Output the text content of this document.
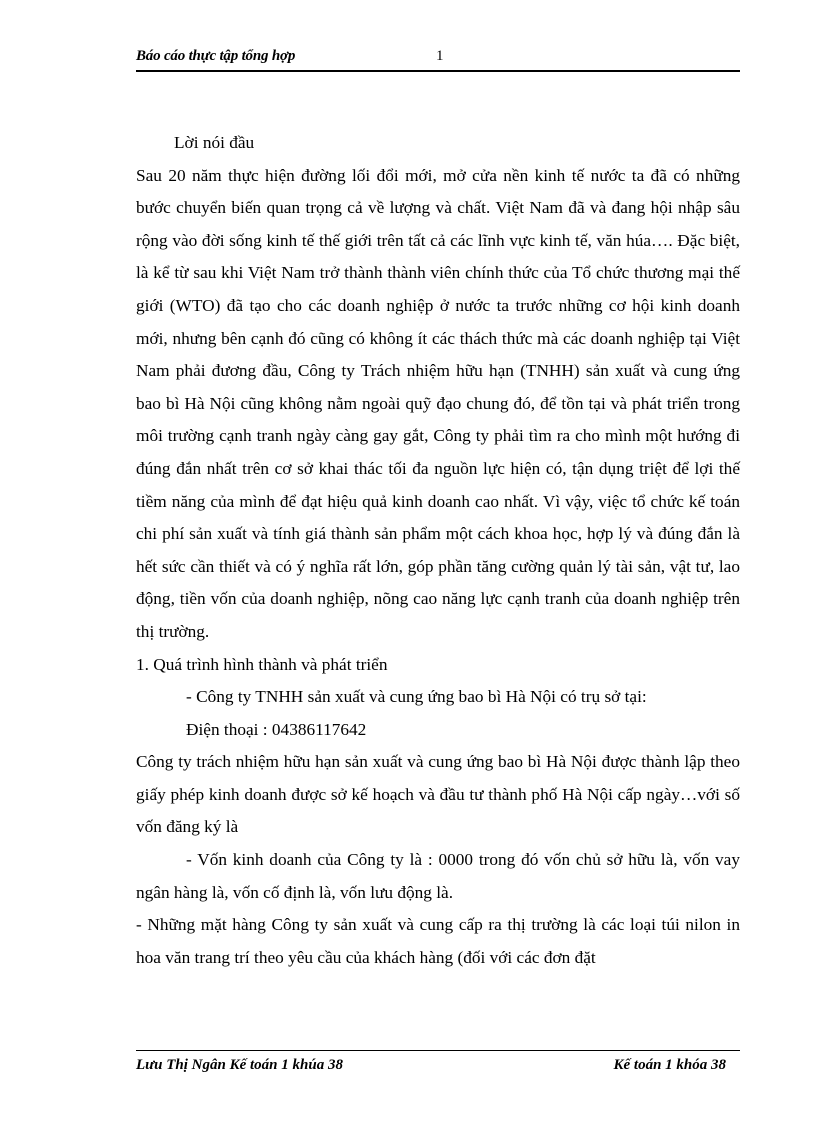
Báo cáo thực tập tổng hợp	1

Lời nói đầu

Sau 20 năm thực hiện đường lối đổi mới, mở cửa nền kinh tế nước ta đã có những bước chuyển biến quan trọng cả về lượng và chất. Việt Nam đã và đang hội nhập sâu rộng vào đời sống kinh tế thế giới trên tất cả các lĩnh vực kinh tế, văn húa…. Đặc biệt, là kể từ sau khi Việt Nam trở thành thành viên chính thức của Tổ chức thương mại thế giới (WTO) đã tạo cho các doanh nghiệp ở nước ta trước những cơ hội kinh doanh mới, nhưng bên cạnh đó cũng có không ít các thách thức mà các doanh nghiệp tại Việt Nam phải đương đầu, Công ty Trách nhiệm hữu hạn (TNHH) sản xuất và cung ứng bao bì Hà Nội cũng không nằm ngoài quỹ đạo chung đó, để tồn tại và phát triển trong môi trường cạnh tranh ngày càng gay gắt, Công ty phải tìm ra cho mình một hướng đi đúng đắn nhất trên cơ sở khai thác tối đa nguồn lực hiện có, tận dụng triệt để lợi thế tiềm năng của mình để đạt hiệu quả kinh doanh cao nhất. Vì vậy, việc tổ chức kế toán chi phí sản xuất và tính giá thành sản phẩm một cách khoa học, hợp lý và đúng đắn là hết sức cần thiết và có ý nghĩa rất lớn, góp phần tăng cường quản lý tài sản, vật tư, lao động, tiền vốn của doanh nghiệp, nõng cao năng lực cạnh tranh của doanh nghiệp trên thị trường.

1. Quá trình hình thành và phát triển

- Công ty TNHH sản xuất và cung ứng bao bì Hà Nội có trụ sở tại:

Điện thoại : 04386117642

Công ty trách nhiệm hữu hạn sản xuất và cung ứng bao bì Hà Nội được thành lập theo giấy phép kinh doanh được sở kế hoạch và đầu tư thành phố Hà Nội cấp ngày…với số vốn đăng ký là

- Vốn kinh doanh của Công ty là : 0000 trong đó vốn chủ sở hữu là, vốn vay ngân hàng là, vốn cố định là, vốn lưu động là.

- Những mặt hàng Công ty sản xuất và cung cấp ra thị trường là các loại túi nilon in hoa văn trang trí theo yêu cầu của khách hàng (đối với các đơn đặt

Lưu Thị Ngân Kế toán 1 khúa 38	Kế toán 1 khóa 38
